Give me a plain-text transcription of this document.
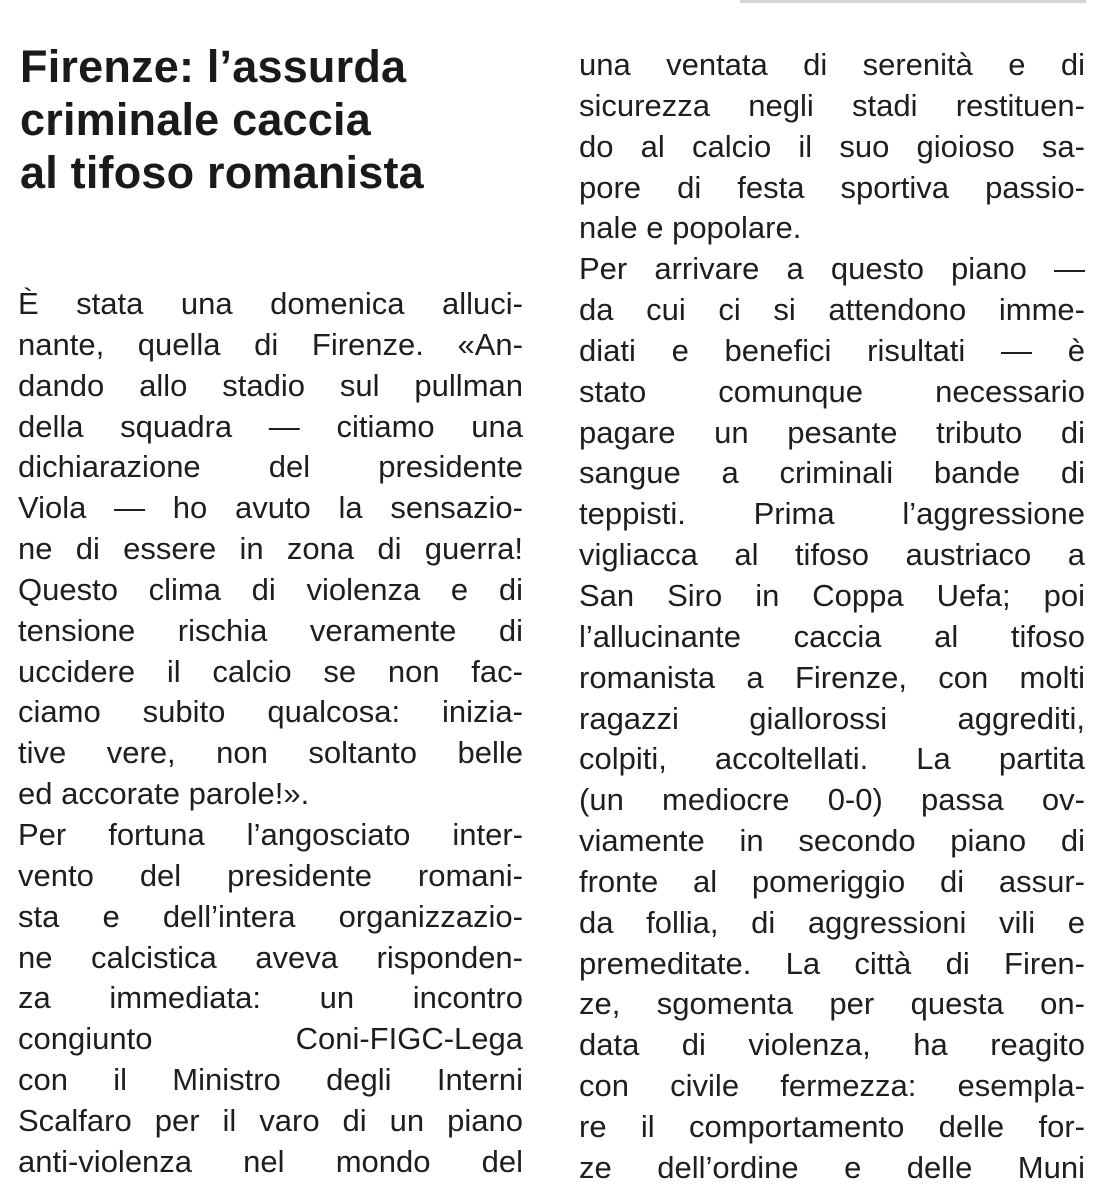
Firenze: l’assurda
criminale caccia
al tifoso romanista
È stata una domenica alluci-
nante, quella di Firenze. «An-
dando allo stadio sul pullman
della squadra — citiamo una
dichiarazione del presidente
Viola — ho avuto la sensazio-
ne di essere in zona di guerra!
Questo clima di violenza e di
tensione rischia veramente di
uccidere il calcio se non fac-
ciamo subito qualcosa: inizia-
tive vere, non soltanto belle
ed accorate parole!».
Per fortuna l’angosciato inter-
vento del presidente romani-
sta e dell’intera organizzazio-
ne calcistica aveva risponden-
za immediata: un incontro
congiunto Coni-FIGC-Lega
con il Ministro degli Interni
Scalfaro per il varo di un piano
anti-violenza nel mondo del
una ventata di serenità e di
sicurezza negli stadi restituen-
do al calcio il suo gioioso sa-
pore di festa sportiva passio-
nale e popolare.
Per arrivare a questo piano —
da cui ci si attendono imme-
diati e benefici risultati — è
stato comunque necessario
pagare un pesante tributo di
sangue a criminali bande di
teppisti. Prima l’aggressione
vigliacca al tifoso austriaco a
San Siro in Coppa Uefa; poi
l’allucinante caccia al tifoso
romanista a Firenze, con molti
ragazzi giallorossi aggrediti,
colpiti, accoltellati. La partita
(un mediocre 0-0) passa ov-
viamente in secondo piano di
fronte al pomeriggio di assur-
da follia, di aggressioni vili e
premeditate. La città di Firen-
ze, sgomenta per questa on-
data di violenza, ha reagito
con civile fermezza: esempla-
re il comportamento delle for-
ze dell’ordine e delle Muni
